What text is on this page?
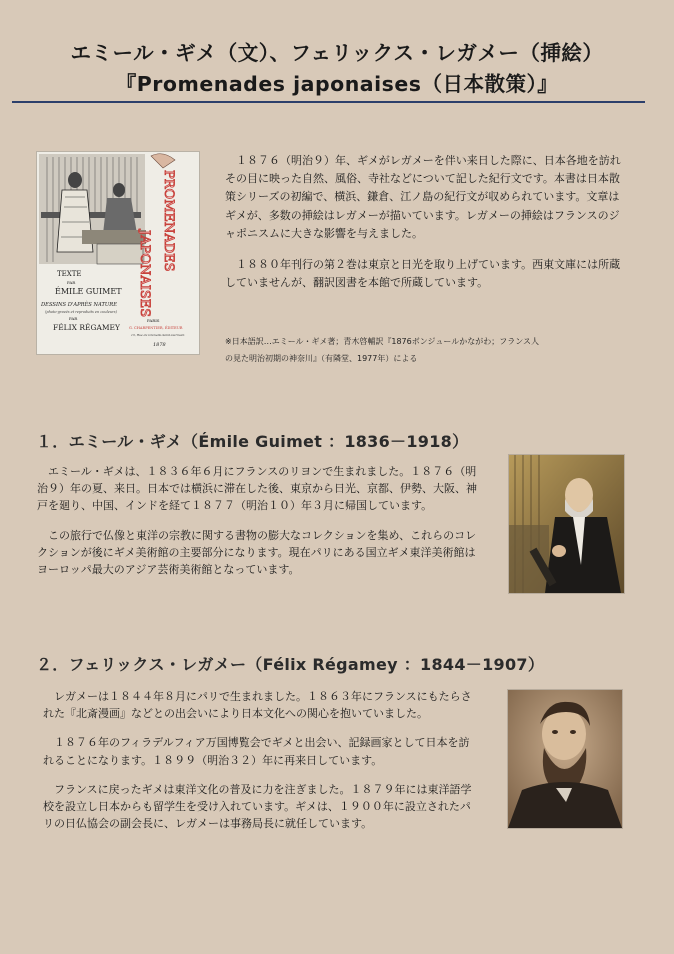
エミール・ギメ（文）、フェリックス・レガメー（挿絵）
『Promenades japonaises（日本散策）』
PROMENADES
JAPONAISES
TEXTE
PAR
ÉMILE GUIMET
DESSINS D'APRÈS NATURE
(photo-gravés et reproduits en couleurs)
PAR
FÉLIX RÉGAMEY
PARIS
G. CHARPENTIER, ÉDITEUR
13, Rue de Grenelle-Saint-Germain
1878

１８７６（明治９）年、ギメがレガメーを伴い来日した際に、日本各地を訪れその目に映った自然、風俗、寺社などについて記した紀行文です。本書は日本散策シリーズの初編で、横浜、鎌倉、江ノ島の紀行文が収められています。文章はギメが、多数の挿絵はレガメーが描いています。レガメーの挿絵はフランスのジャポニスムに大きな影響を与えました。

１８８０年刊行の第２巻は東京と日光を取り上げています。西東文庫には所蔵していませんが、翻訳図書を本館で所蔵しています。

※日本語訳…エミール・ギメ著；青木啓輔訳『1876ボンジュールかながわ；フランス人
の見た明治初期の神奈川』（有隣堂、1977年）による
１．エミール・ギメ（Émile Guimet ：1836－1918）

エミール・ギメは、１８３６年６月にフランスのリヨンで生まれました。１８７６（明治９）年の夏、来日。日本では横浜に滞在した後、東京から日光、京都、伊勢、大阪、神戸を廻り、中国、インドを経て１８７７（明治１０）年３月に帰国しています。

この旅行で仏像と東洋の宗教に関する書物の膨大なコレクションを集め、これらのコレクションが後にギメ美術館の主要部分になります。現在パリにある国立ギメ東洋美術館はヨーロッパ最大のアジア芸術美術館となっています。

２．フェリックス・レガメー（Félix Régamey ：1844－1907）

レガメーは１８４４年８月にパリで生まれました。１８６３年にフランスにもたらされた『北斎漫画』などとの出会いにより日本文化への関心を抱いていました。

１８７６年のフィラデルフィア万国博覧会でギメと出会い、記録画家として日本を訪れることになります。１８９９（明治３２）年に再来日しています。

フランスに戻ったギメは東洋文化の普及に力を注ぎました。１８７９年には東洋語学校を設立し日本からも留学生を受け入れています。ギメは、１９００年に設立されたパリの日仏協会の副会長に、レガメーは事務局長に就任しています。
